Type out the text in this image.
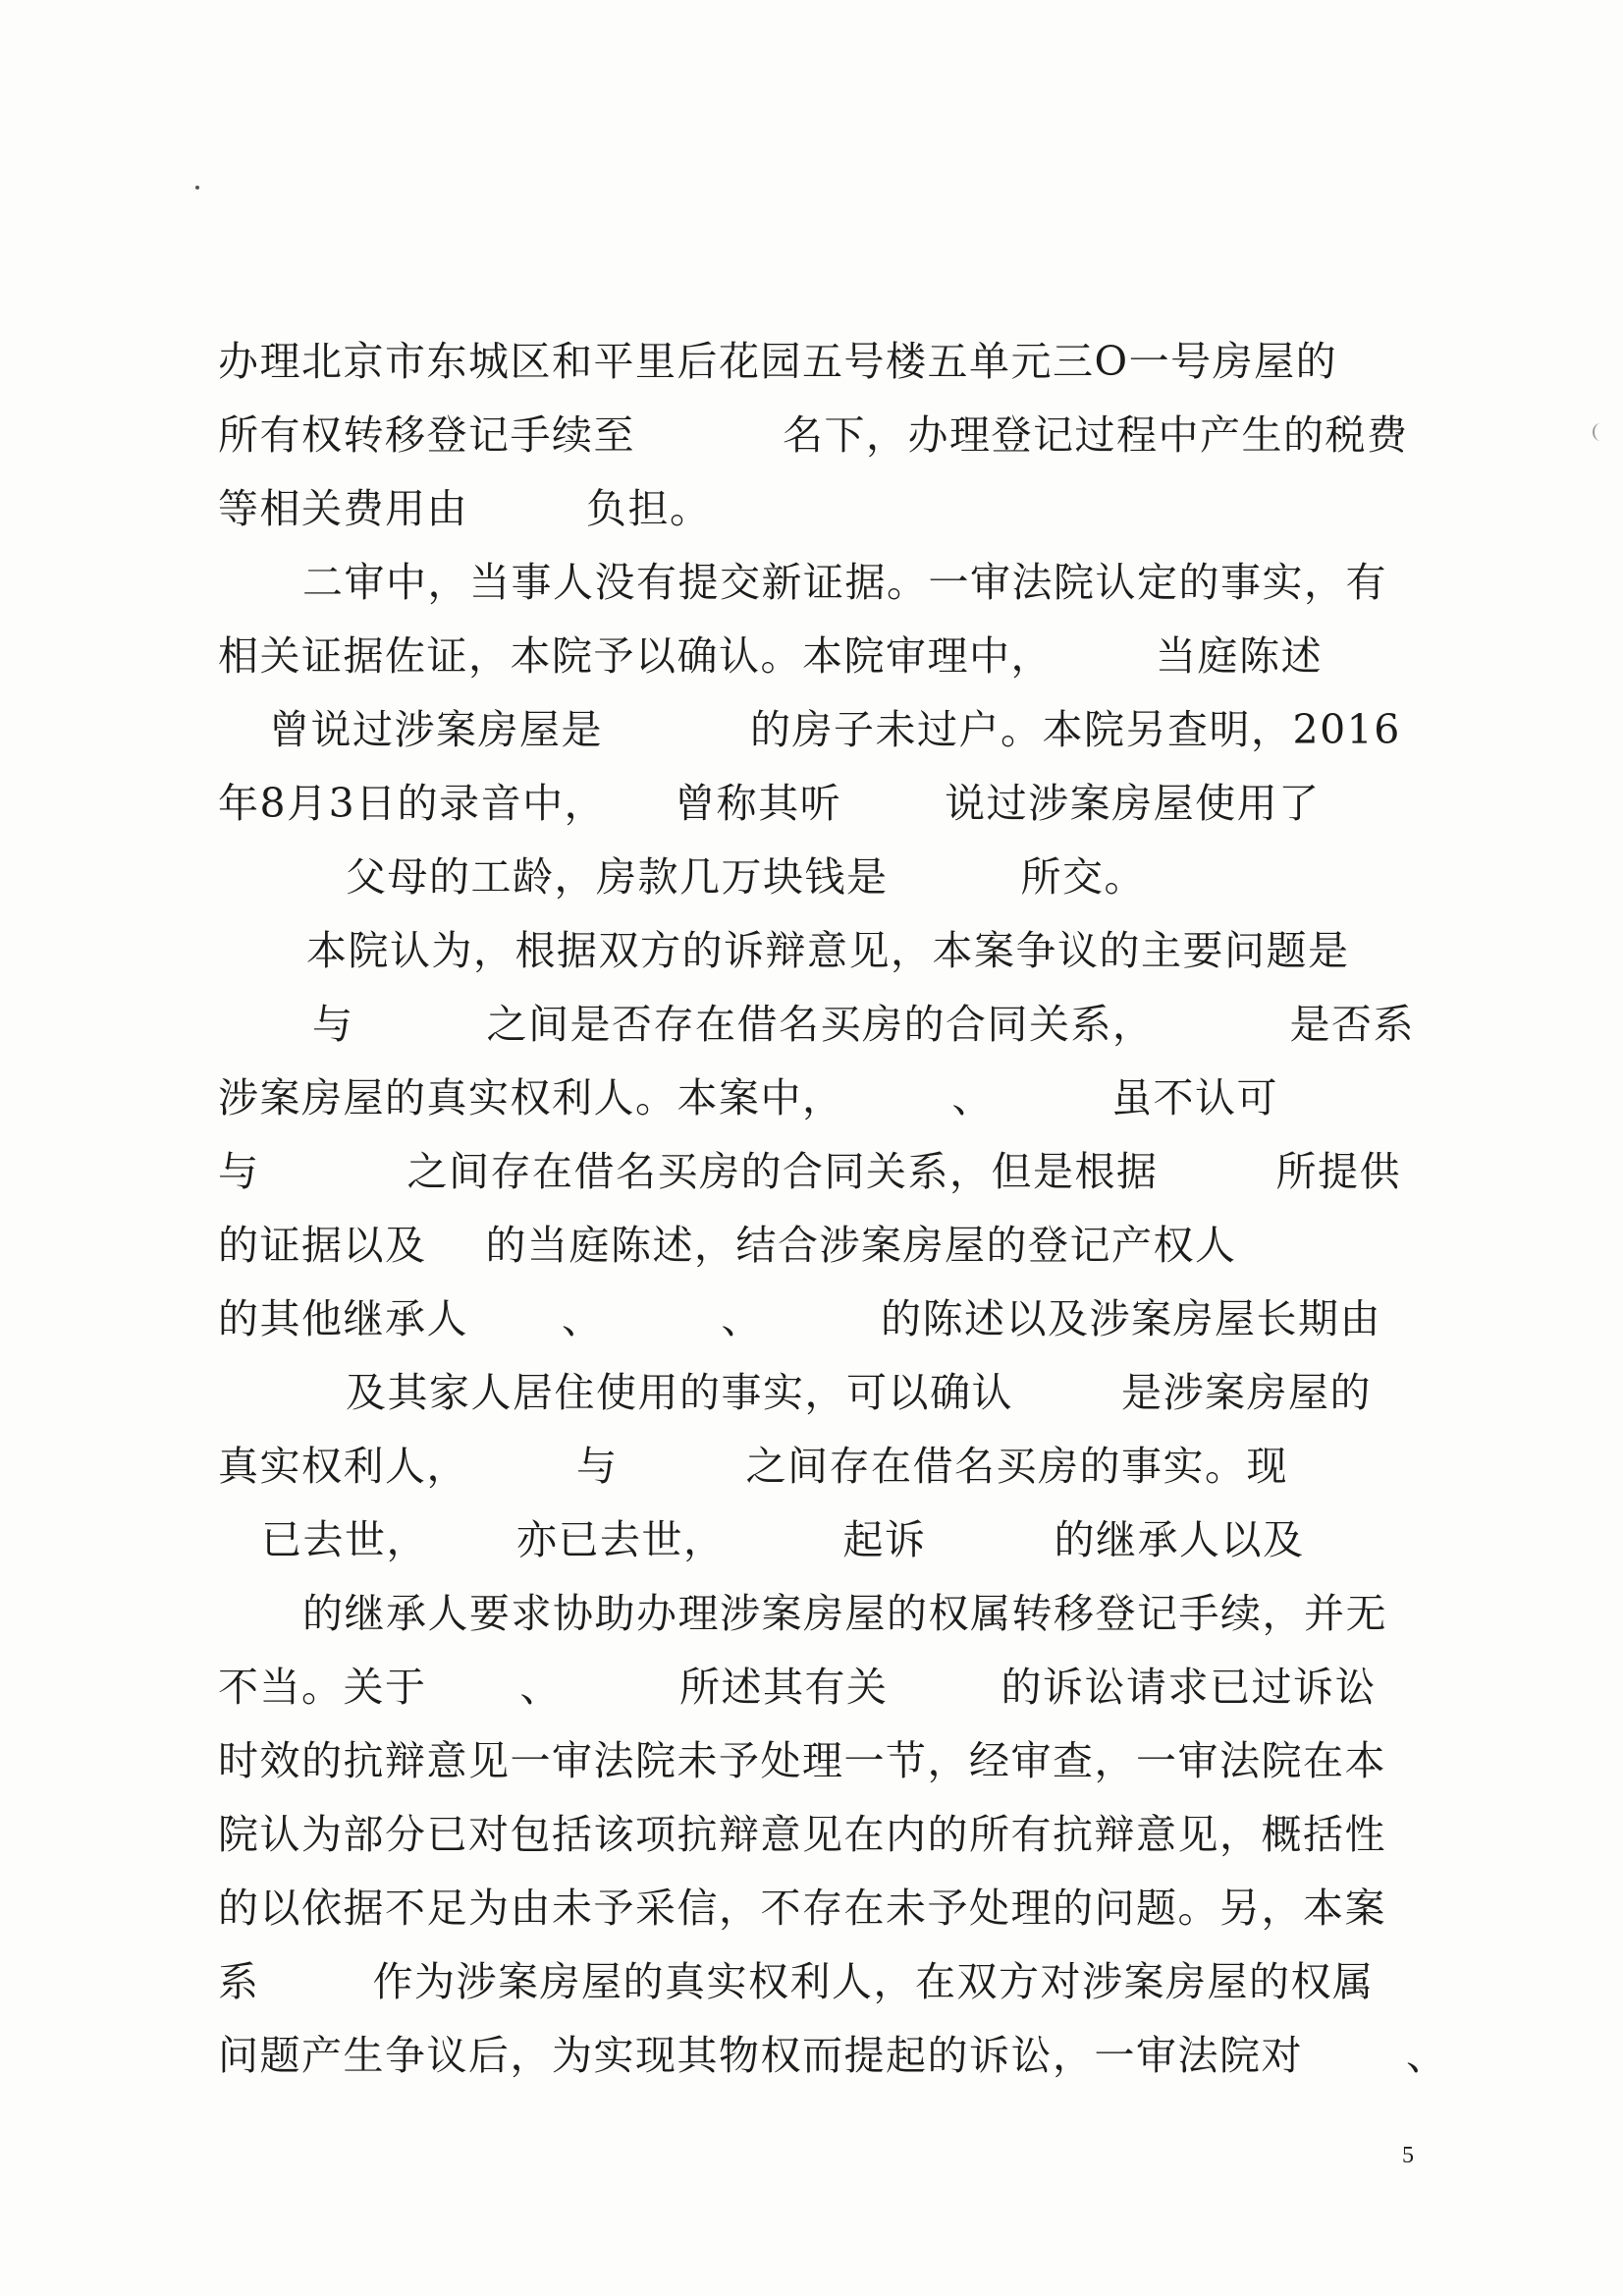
办理北京市东城区和平里后花园五号楼五单元三O一号房屋的
所有权转移登记手续至	名下，办理登记过程中产生的税费
等相关费用由	负担。
二审中，当事人没有提交新证据。一审法院认定的事实，有
相关证据佐证，本院予以确认。本院审理中，	当庭陈述
曾说过涉案房屋是	的房子未过户。本院另查明，2016
年8月3日的录音中， 曾称其听	说过涉案房屋使用了
父母的工龄，房款几万块钱是	所交。
本院认为，根据双方的诉辩意见，本案争议的主要问题是
与	之间是否存在借名买房的合同关系，	是否系
涉案房屋的真实权利人。本案中，	、	虽不认可
与	之间存在借名买房的合同关系，但是根据	所提供
的证据以及 的当庭陈述，结合涉案房屋的登记产权人
的其他继承人 、	、	的陈述以及涉案房屋长期由
及其家人居住使用的事实，可以确认	是涉案房屋的
真实权利人，	与	之间存在借名买房的事实。现
已去世， 亦已去世，	起诉	的继承人以及
的继承人要求协助办理涉案房屋的权属转移登记手续，并无
不当。关于 、	所述其有关	的诉讼请求已过诉讼
时效的抗辩意见一审法院未予处理一节，经审查，一审法院在本
院认为部分已对包括该项抗辩意见在内的所有抗辩意见，概括性
的以依据不足为由未予采信，不存在未予处理的问题。另，本案
系	作为涉案房屋的真实权利人，在双方对涉案房屋的权属
问题产生争议后，为实现其物权而提起的诉讼，一审法院对	、
5
